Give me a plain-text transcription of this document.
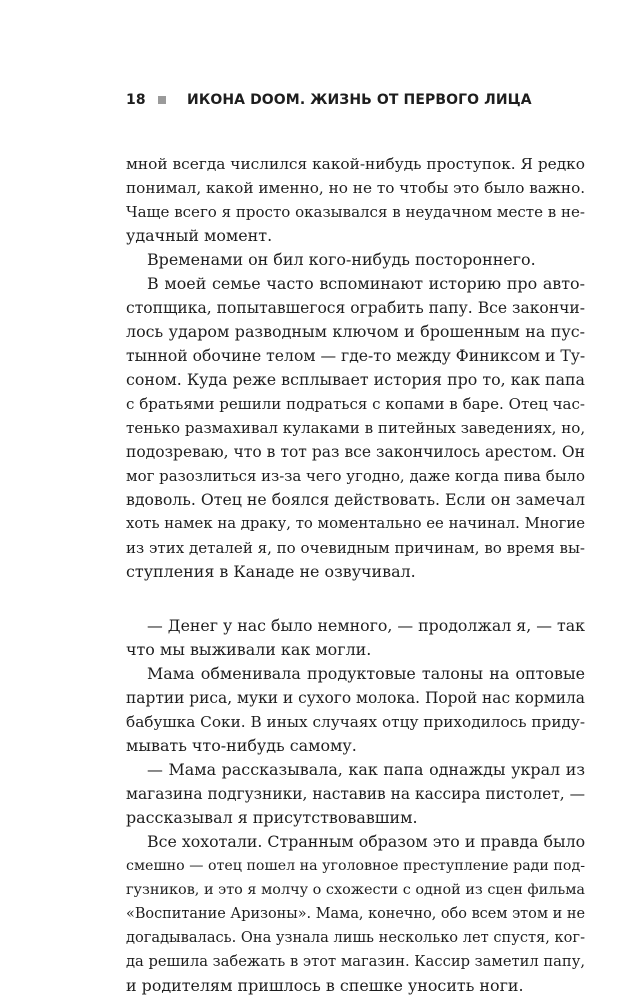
18	ИКОНА DOOM. ЖИЗНЬ ОТ ПЕРВОГО ЛИЦА
мной всегда числился какой-нибудь проступок. Я редко
понимал, какой именно, но не то чтобы это было важно.
Чаще всего я просто оказывался в неудачном месте в не-
удачный момент.
Временами он бил кого-нибудь постороннего.
В моей семье часто вспоминают историю про авто-
стопщика, попытавшегося ограбить папу. Все закончи-
лось ударом разводным ключом и брошенным на пус-
тынной обочине телом — где-то между Финиксом и Ту-
соном. Куда реже всплывает история про то, как папа
с братьями решили подраться с копами в баре. Отец час-
тенько размахивал кулаками в питейных заведениях, но,
подозреваю, что в тот раз все закончилось арестом. Он
мог разозлиться из-за чего угодно, даже когда пива было
вдоволь. Отец не боялся действовать. Если он замечал
хоть намек на драку, то моментально ее начинал. Многие
из этих деталей я, по очевидным причинам, во время вы-
ступления в Канаде не озвучивал.
— Денег у нас было немного, — продолжал я, — так
что мы выживали как могли.
Мама обменивала продуктовые талоны на оптовые
партии риса, муки и сухого молока. Порой нас кормила
бабушка Соки. В иных случаях отцу приходилось приду-
мывать что-нибудь самому.
— Мама рассказывала, как папа однажды украл из
магазина подгузники, наставив на кассира пистолет, —
рассказывал я присутствовавшим.
Все хохотали. Странным образом это и правда было
смешно — отец пошел на уголовное преступление ради под-
гузников, и это я молчу о схожести с одной из сцен фильма
«Воспитание Аризоны». Мама, конечно, обо всем этом и не
догадывалась. Она узнала лишь несколько лет спустя, ког-
да решила забежать в этот магазин. Кассир заметил папу,
и родителям пришлось в спешке уносить ноги.
